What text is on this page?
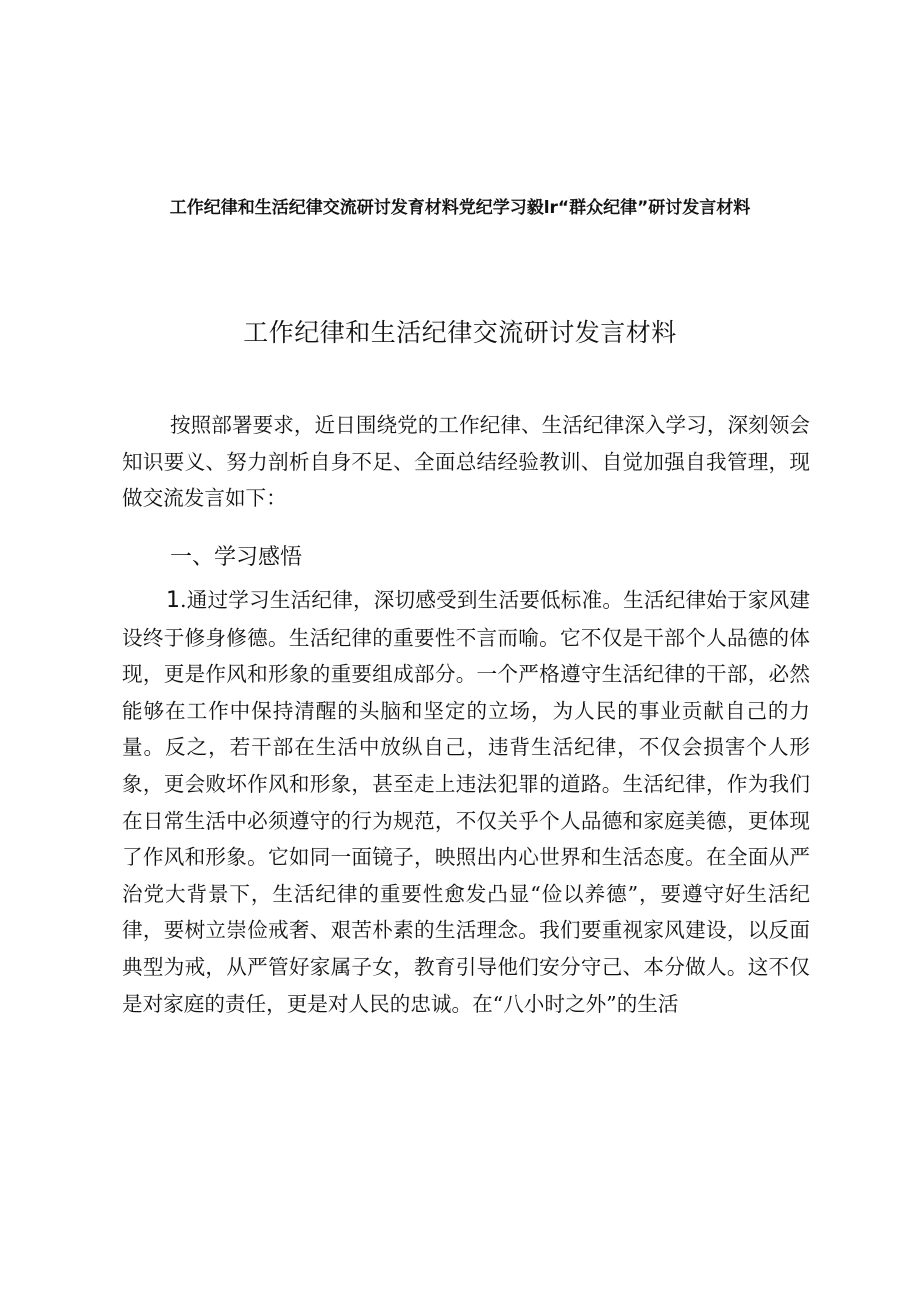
工作纪律和生活纪律交流研讨发育材料党纪学习毅lr“群众纪律”研讨发言材料
工作纪律和生活纪律交流研讨发言材料
按照部署要求，近日围绕党的工作纪律、生活纪律深入学习，深刻领会知识要义、努力剖析自身不足、全面总结经验教训、自觉加强自我管理，现做交流发言如下：
一、学习感悟
1.通过学习生活纪律，深切感受到生活要低标准。生活纪律始于家风建设终于修身修德。生活纪律的重要性不言而喻。它不仅是干部个人品德的体现，更是作风和形象的重要组成部分。一个严格遵守生活纪律的干部，必然能够在工作中保持清醒的头脑和坚定的立场，为人民的事业贡献自己的力量。反之，若干部在生活中放纵自己，违背生活纪律，不仅会损害个人形象，更会败坏作风和形象，甚至走上违法犯罪的道路。生活纪律，作为我们在日常生活中必须遵守的行为规范，不仅关乎个人品德和家庭美德，更体现了作风和形象。它如同一面镜子，映照出内心世界和生活态度。在全面从严治党大背景下，生活纪律的重要性愈发凸显“俭以养德”，要遵守好生活纪律，要树立崇俭戒奢、艰苦朴素的生活理念。我们要重视家风建设，以反面典型为戒，从严管好家属子女，教育引导他们安分守己、本分做人。这不仅是对家庭的责任，更是对人民的忠诚。在“八小时之外”的生活
